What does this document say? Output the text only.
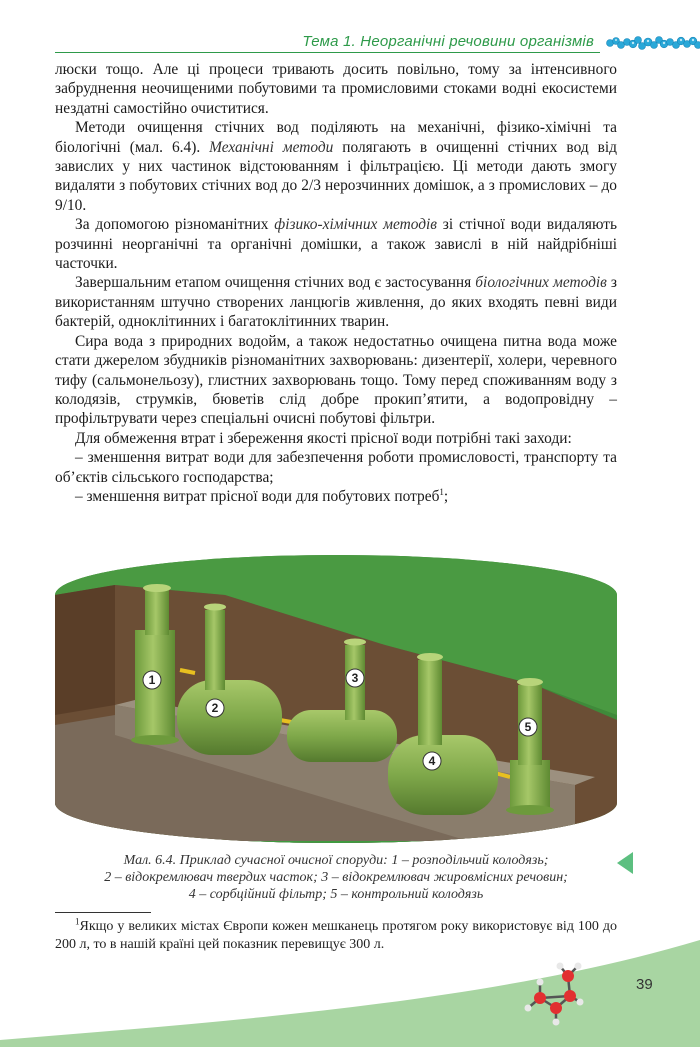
Тема 1. Неорганічні речовини організмів

люски тощо. Але ці процеси тривають досить повільно, тому за інтенсивного забруднення неочищеними побутовими та промисловими стоками водні екосистеми нездатні самостійно очиститися.

Методи очищення стічних вод поділяють на механічні, фізико-хімічні та біологічні (мал. 6.4). Механічні методи полягають в очищенні стічних вод від завислих у них частинок відстоюванням і фільтрацією. Ці методи дають змогу видаляти з побутових стічних вод до 2/3 нерозчинних домішок, а з промислових – до 9/10.

За допомогою різноманітних фізико-хімічних методів зі стічної води видаляють розчинні неорганічні та органічні домішки, а також завислі в ній найдрібніші часточки.

Завершальним етапом очищення стічних вод є застосування біологічних методів з використанням штучно створених ланцюгів живлення, до яких входять певні види бактерій, одноклітинних і багатоклітинних тварин.

Сира вода з природних водойм, а також недостатньо очищена питна вода може стати джерелом збудників різноманітних захворювань: дизентерії, холери, черевного тифу (сальмонельозу), глистних захворювань тощо. Тому перед споживанням воду з колодязів, струмків, бюветів слід добре прокип’ятити, а водопровідну – профільтрувати через спеціальні очисні побутові фільтри.

Для обмеження втрат і збереження якості прісної води потрібні такі заходи:

– зменшення витрат води для забезпечення роботи промисловості, транспорту та об’єктів сільського господарства;

– зменшення витрат прісної води для побутових потреб$^1$;

1
2
3
4
5
Мал. 6.4. Приклад сучасної очисної споруди: 1 – розподільчий колодязь;
2 – відокремлювач твердих часток; 3 – відокремлювач жировмісних речовин;
4 – сорбційний фільтр; 5 – контрольний колодязь

$^1$Якщо у великих містах Європи кожен мешканець протягом року використовує від 100 до 200 л, то в нашій країні цей показник перевищує 300 л.

39
